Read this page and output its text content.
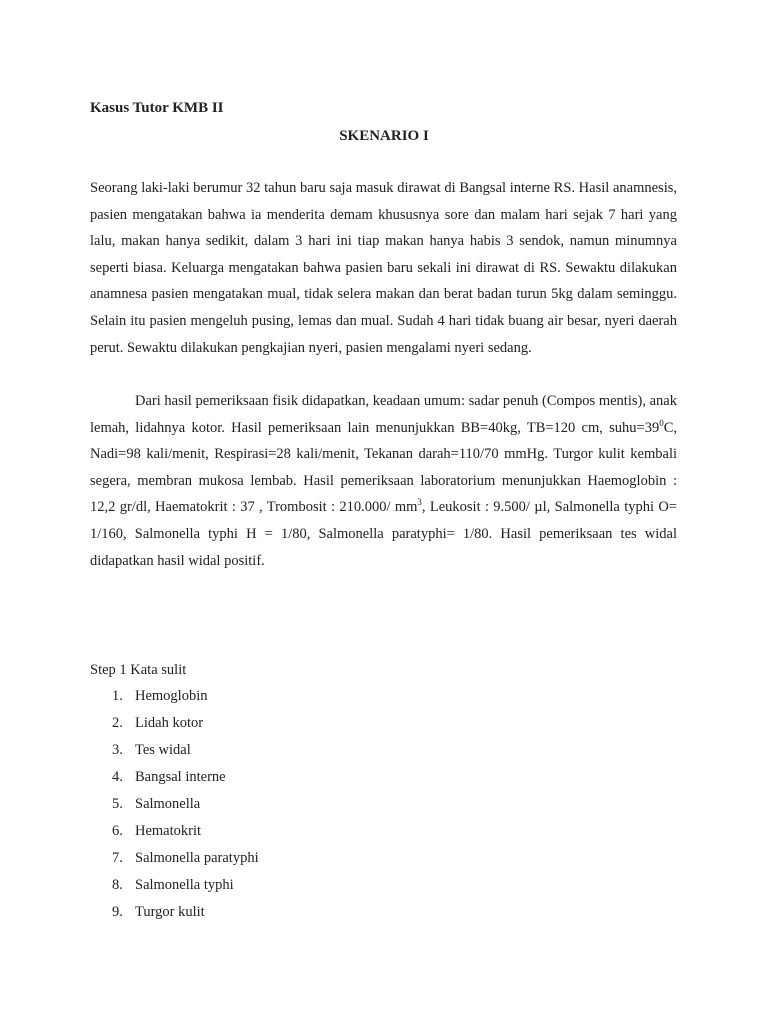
Kasus Tutor KMB II
SKENARIO I

Seorang laki-laki berumur 32 tahun baru saja masuk dirawat di Bangsal interne RS. Hasil anamnesis, pasien mengatakan bahwa ia menderita demam khususnya sore dan malam hari sejak 7 hari yang lalu, makan hanya sedikit, dalam 3 hari ini tiap makan hanya habis 3 sendok, namun minumnya seperti biasa. Keluarga mengatakan bahwa pasien baru sekali ini dirawat di RS. Sewaktu dilakukan anamnesa pasien mengatakan mual, tidak selera makan dan berat badan turun 5kg dalam seminggu. Selain itu pasien mengeluh pusing, lemas dan mual. Sudah 4 hari tidak buang air besar, nyeri daerah perut. Sewaktu dilakukan pengkajian nyeri, pasien mengalami nyeri sedang.

Dari hasil pemeriksaan fisik didapatkan, keadaan umum: sadar penuh (Compos mentis), anak lemah, lidahnya kotor. Hasil pemeriksaan lain menunjukkan BB=40kg, TB=120 cm, $suhu=39^0C$, Nadi=98 kali/menit, Respirasi=28 kali/menit, Tekanan darah=110/70 mmHg. Turgor kulit kembali segera, membran mukosa lembab. Hasil pemeriksaan laboratorium menunjukkan Haemoglobin : 12,2 gr/dl, Haematokrit : 37 , Trombosit : 210.000/ $mm^3$, Leukosit : 9.500/ µl, Salmonella typhi O= 1/160, Salmonella typhi H = 1/80, Salmonella paratyphi= 1/80. Hasil pemeriksaan tes widal didapatkan hasil widal positif.

Step 1 Kata sulit
1. Hemoglobin
2. Lidah kotor
3. Tes widal
4. Bangsal interne
5. Salmonella
6. Hematokrit
7. Salmonella paratyphi
8. Salmonella typhi
9. Turgor kulit
